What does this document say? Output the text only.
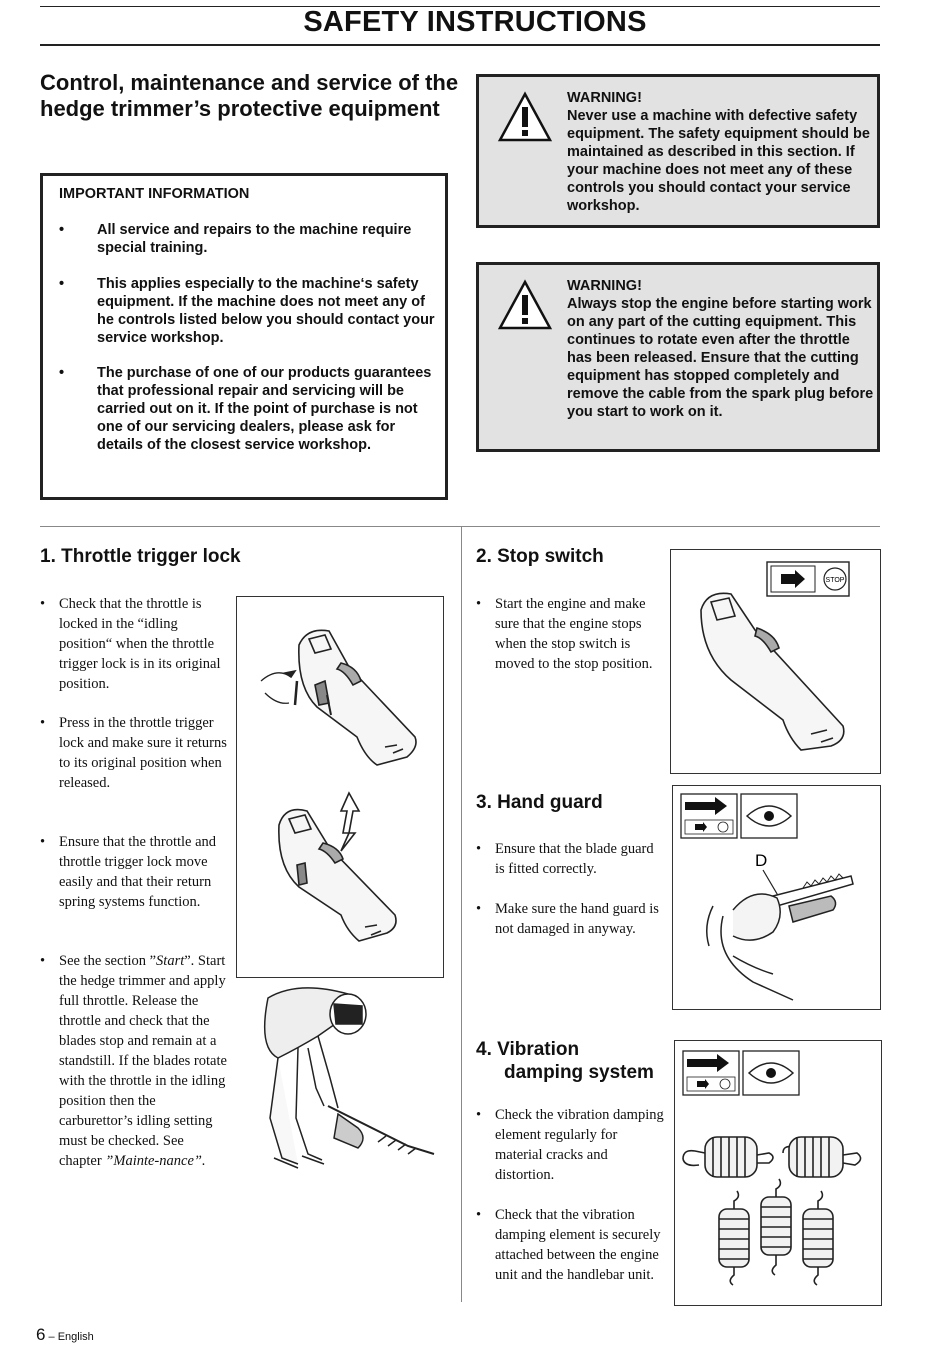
SAFETY INSTRUCTIONS
Control, maintenance and service of the hedge trimmer’s protective equipment
IMPORTANT INFORMATION
• All service and repairs to the machine require special training.
• This applies especially to the machine‘s safety equipment. If the machine does not meet any of he controls listed below you should contact your service workshop.
• The purchase of one of our products guarantees that professional repair and servicing will be carried out on it. If the point of purchase is not one of our servicing dealers, please ask for details of the closest service workshop.
WARNING!
Never use a machine with defective safety equipment. The safety equipment should be maintained as described in this section. If your machine does not meet any of these controls you should contact your service workshop.
WARNING!
Always stop the engine before starting work on any part of the cutting equipment. This continues to rotate even after the throttle has been released. Ensure that the cutting equipment has stopped completely and remove the cable from the spark plug before you start to work on it.
1. Throttle trigger lock
• Check that the throttle is locked in the “idling position“ when the throttle trigger lock is in its original position.
• Press in the throttle trigger lock and make sure it returns to its original position when released.
• Ensure that the throttle and throttle trigger lock move easily and that their return spring systems function.
• See the section ”Start”. Start the hedge trimmer and apply full throttle. Release the throttle and check that the blades stop and remain at a standstill. If the blades rotate with the throttle in the idling position then the carburettor’s idling setting must be checked. See chapter ”Mainte-nance”.
2. Stop switch
• Start the engine and make sure that the engine stops when the stop switch is moved to the stop position.
STOP
3. Hand guard
• Ensure that the blade guard is fitted correctly.
• Make sure the hand guard is not damaged in anyway.
D
4. Vibration
damping system
• Check the vibration damping element regularly for material cracks and distortion.
• Check that the vibration damping element is securely attached between the engine unit and the handlebar unit.
6 – English
